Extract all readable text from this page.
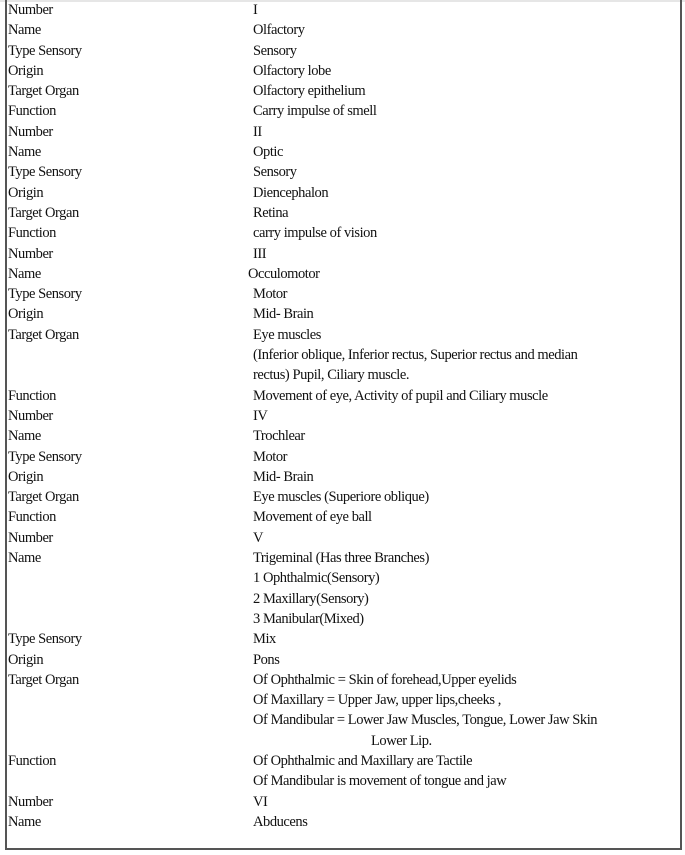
Number	I
Name	Olfactory
Type Sensory	Sensory
Origin	Olfactory lobe
Target Organ	Olfactory epithelium
Function	Carry impulse of smell
Number	II
Name	Optic
Type Sensory	Sensory
Origin	Diencephalon
Target Organ	Retina
Function	carry impulse of vision
Number	III
Name	Occulomotor
Type Sensory	Motor
Origin	Mid- Brain
Target Organ	Eye muscles
(Inferior oblique, Inferior rectus, Superior rectus and median
rectus) Pupil, Ciliary muscle.
Function	Movement of eye, Activity of pupil and Ciliary muscle
Number	IV
Name	Trochlear
Type Sensory	Motor
Origin	Mid- Brain
Target Organ	Eye muscles (Superiore oblique)
Function	Movement of eye ball
Number	V
Name	Trigeminal (Has three Branches)
1 Ophthalmic(Sensory)
2 Maxillary(Sensory)
3 Manibular(Mixed)
Type Sensory	Mix
Origin	Pons
Target Organ	Of Ophthalmic = Skin of forehead,Upper eyelids
Of Maxillary = Upper Jaw, upper lips,cheeks ,
Of Mandibular = Lower Jaw Muscles, Tongue, Lower Jaw Skin
Lower Lip.
Function	Of Ophthalmic and Maxillary are Tactile
Of Mandibular is movement of tongue and jaw
Number	VI
Name	Abducens
